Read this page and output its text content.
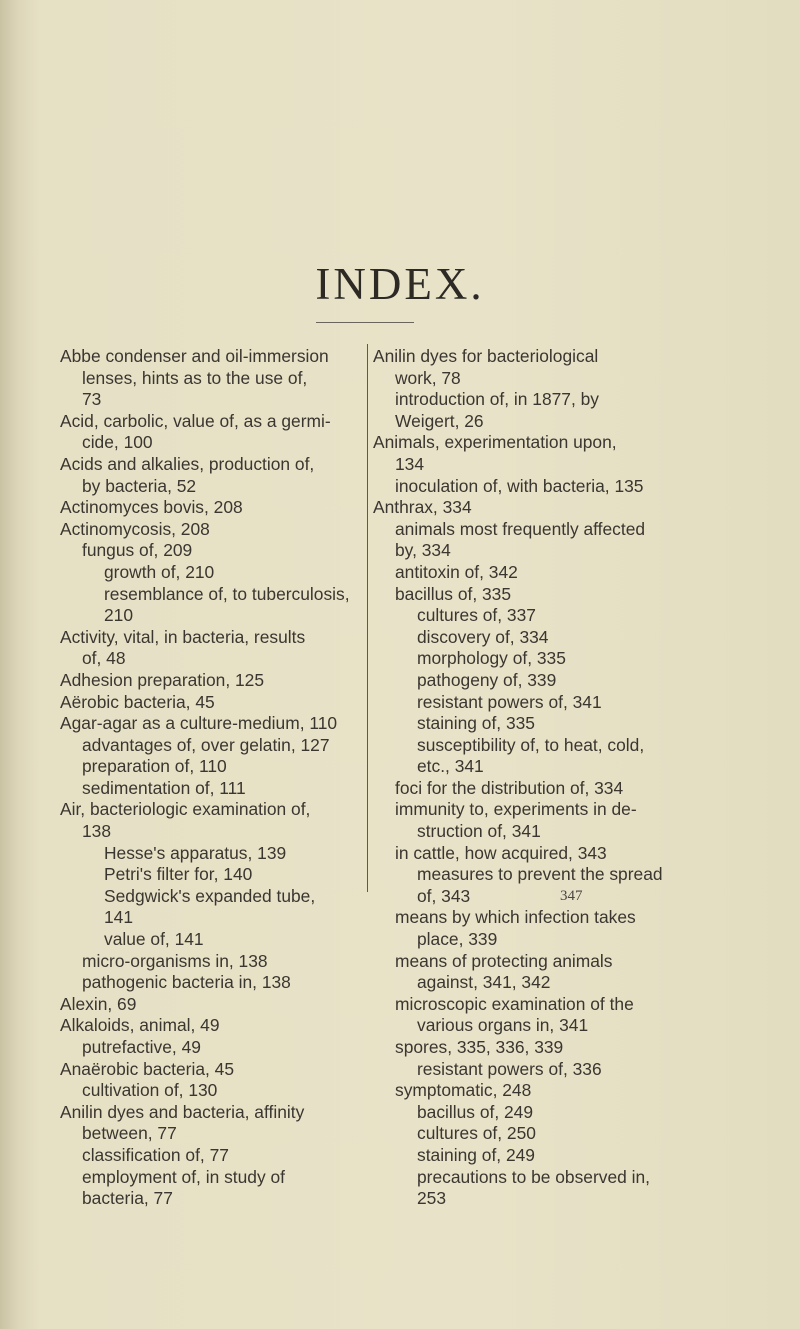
INDEX.
Abbe condenser and oil-immersion
lenses, hints as to the use of,
73
Acid, carbolic, value of, as a germi-
cide, 100
Acids and alkalies, production of,
by bacteria, 52
Actinomyces bovis, 208
Actinomycosis, 208
fungus of, 209
growth of, 210
resemblance of, to tuberculosis,
210
Activity, vital, in bacteria, results
of, 48
Adhesion preparation, 125
Aërobic bacteria, 45
Agar-agar as a culture-medium, 110
advantages of, over gelatin, 127
preparation of, 110
sedimentation of, 111
Air, bacteriologic examination of,
138
Hesse's apparatus, 139
Petri's filter for, 140
Sedgwick's expanded tube,
141
value of, 141
micro-organisms in, 138
pathogenic bacteria in, 138
Alexin, 69
Alkaloids, animal, 49
putrefactive, 49
Anaërobic bacteria, 45
cultivation of, 130
Anilin dyes and bacteria, affinity
between, 77
classification of, 77
employment of, in study of
bacteria, 77
Anilin dyes for bacteriological
work, 78
introduction of, in 1877, by
Weigert, 26
Animals, experimentation upon,
134
inoculation of, with bacteria, 135
Anthrax, 334
animals most frequently affected
by, 334
antitoxin of, 342
bacillus of, 335
cultures of, 337
discovery of, 334
morphology of, 335
pathogeny of, 339
resistant powers of, 341
staining of, 335
susceptibility of, to heat, cold,
etc., 341
foci for the distribution of, 334
immunity to, experiments in de-
struction of, 341
in cattle, how acquired, 343
measures to prevent the spread
of, 343
means by which infection takes
place, 339
means of protecting animals
against, 341, 342
microscopic examination of the
various organs in, 341
spores, 335, 336, 339
resistant powers of, 336
symptomatic, 248
bacillus of, 249
cultures of, 250
staining of, 249
precautions to be observed in,
253
347
